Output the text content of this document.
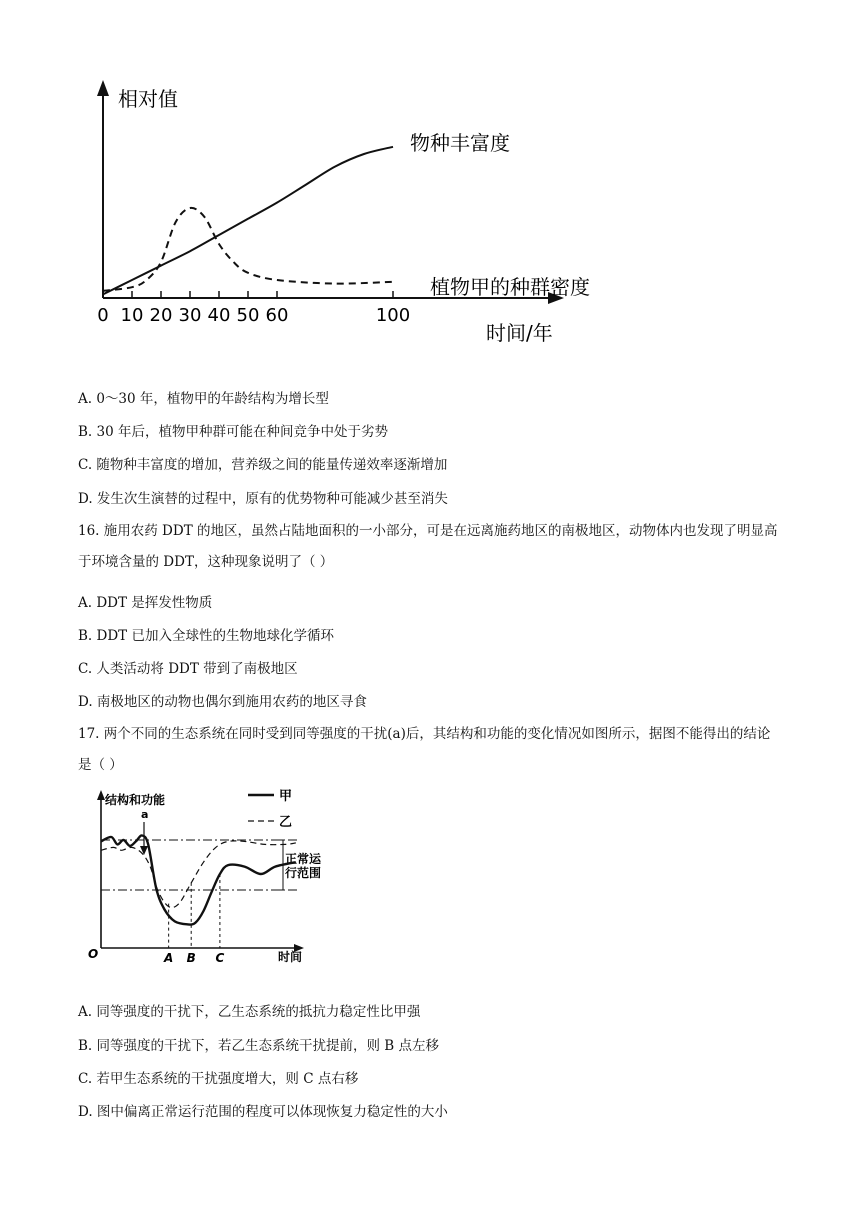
相对值
时间/年
0 10 20 30 40 50 60	100
物种丰富度
植物甲的种群密度
A. 0～30 年，植物甲的年龄结构为增长型
B. 30 年后，植物甲种群可能在种间竞争中处于劣势
C. 随物种丰富度的增加，营养级之间的能量传递效率逐渐增加
D. 发生次生演替的过程中，原有的优势物种可能减少甚至消失
16. 施用农药 DDT 的地区，虽然占陆地面积的一小部分，可是在远离施药地区的南极地区，动物体内也发现了明显高于环境含量的 DDT，这种现象说明了（ ）
A. DDT 是挥发性物质
B. DDT 已加入全球性的生物地球化学循环
C. 人类活动将 DDT 带到了南极地区
D. 南极地区的动物也偶尔到施用农药的地区寻食
17. 两个不同的生态系统在同时受到同等强度的干扰(a)后，其结构和功能的变化情况如图所示，据图不能得出的结论是（ ）
结构和功能
时间
O
甲
乙
正常运 行范围
a
A B C
A. 同等强度的干扰下，乙生态系统的抵抗力稳定性比甲强
B. 同等强度的干扰下，若乙生态系统干扰提前，则 B 点左移
C. 若甲生态系统的干扰强度增大，则 C 点右移
D. 图中偏离正常运行范围的程度可以体现恢复力稳定性的大小
